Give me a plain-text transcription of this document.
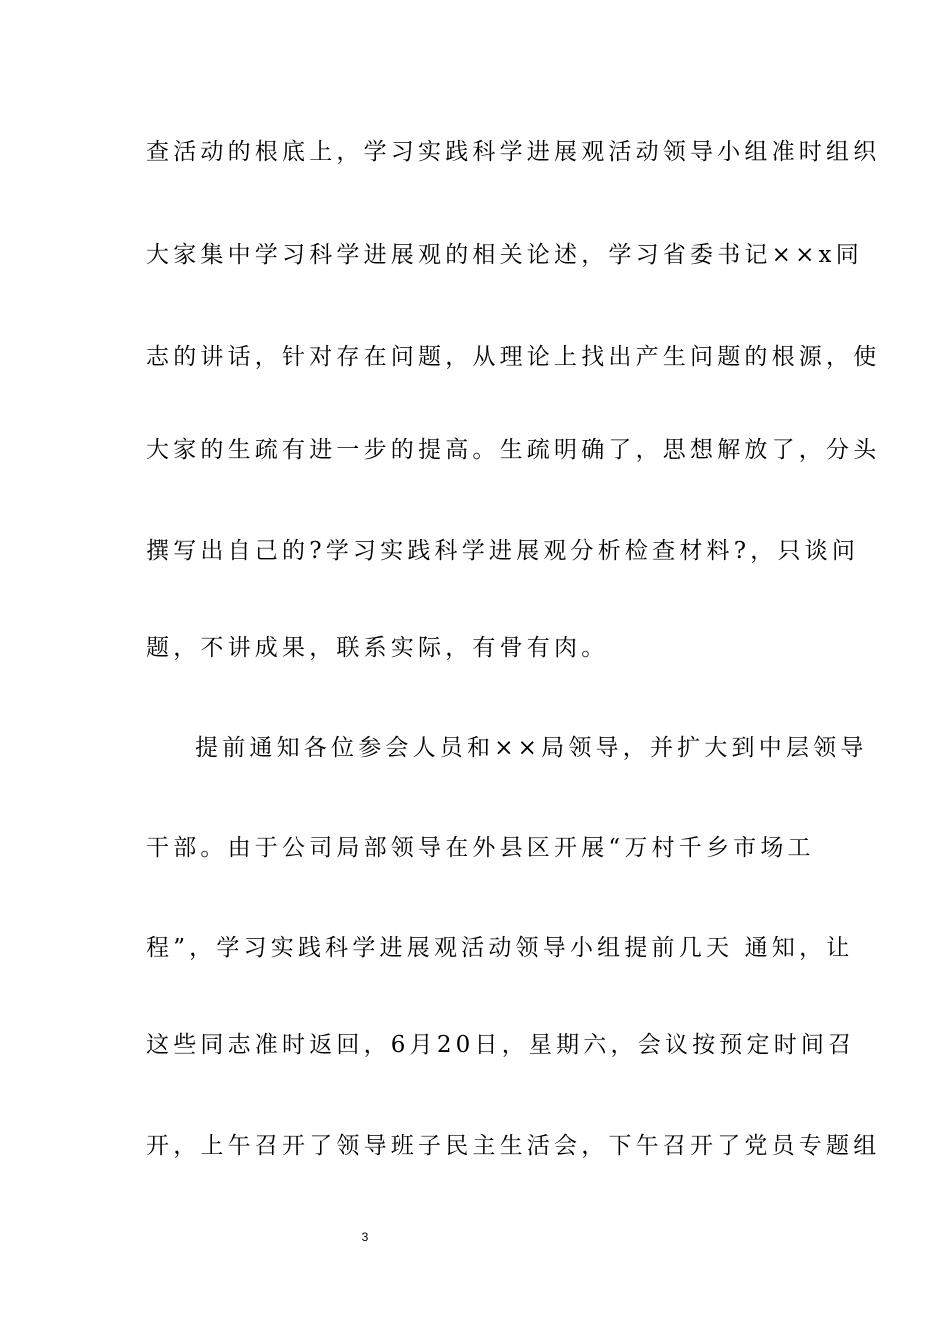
查活动的根底上，学习实践科学进展观活动领导小组准时组织
大家集中学习科学进展观的相关论述，学习省委书记××x同
志的讲话，针对存在问题，从理论上找出产生问题的根源，使
大家的生疏有进一步的提高。生疏明确了，思想解放了，分头
撰写出自己的?学习实践科学进展观分析检查材料?，只谈问
题，不讲成果，联系实际，有骨有肉。
提前通知各位参会人员和××局领导，并扩大到中层领导
干部。由于公司局部领导在外县区开展“万村千乡市场工
程”，学习实践科学进展观活动领导小组提前几天 通知，让
这些同志准时返回，6月20日，星期六，会议按预定时间召
开，上午召开了领导班子民主生活会，下午召开了党员专题组
3
